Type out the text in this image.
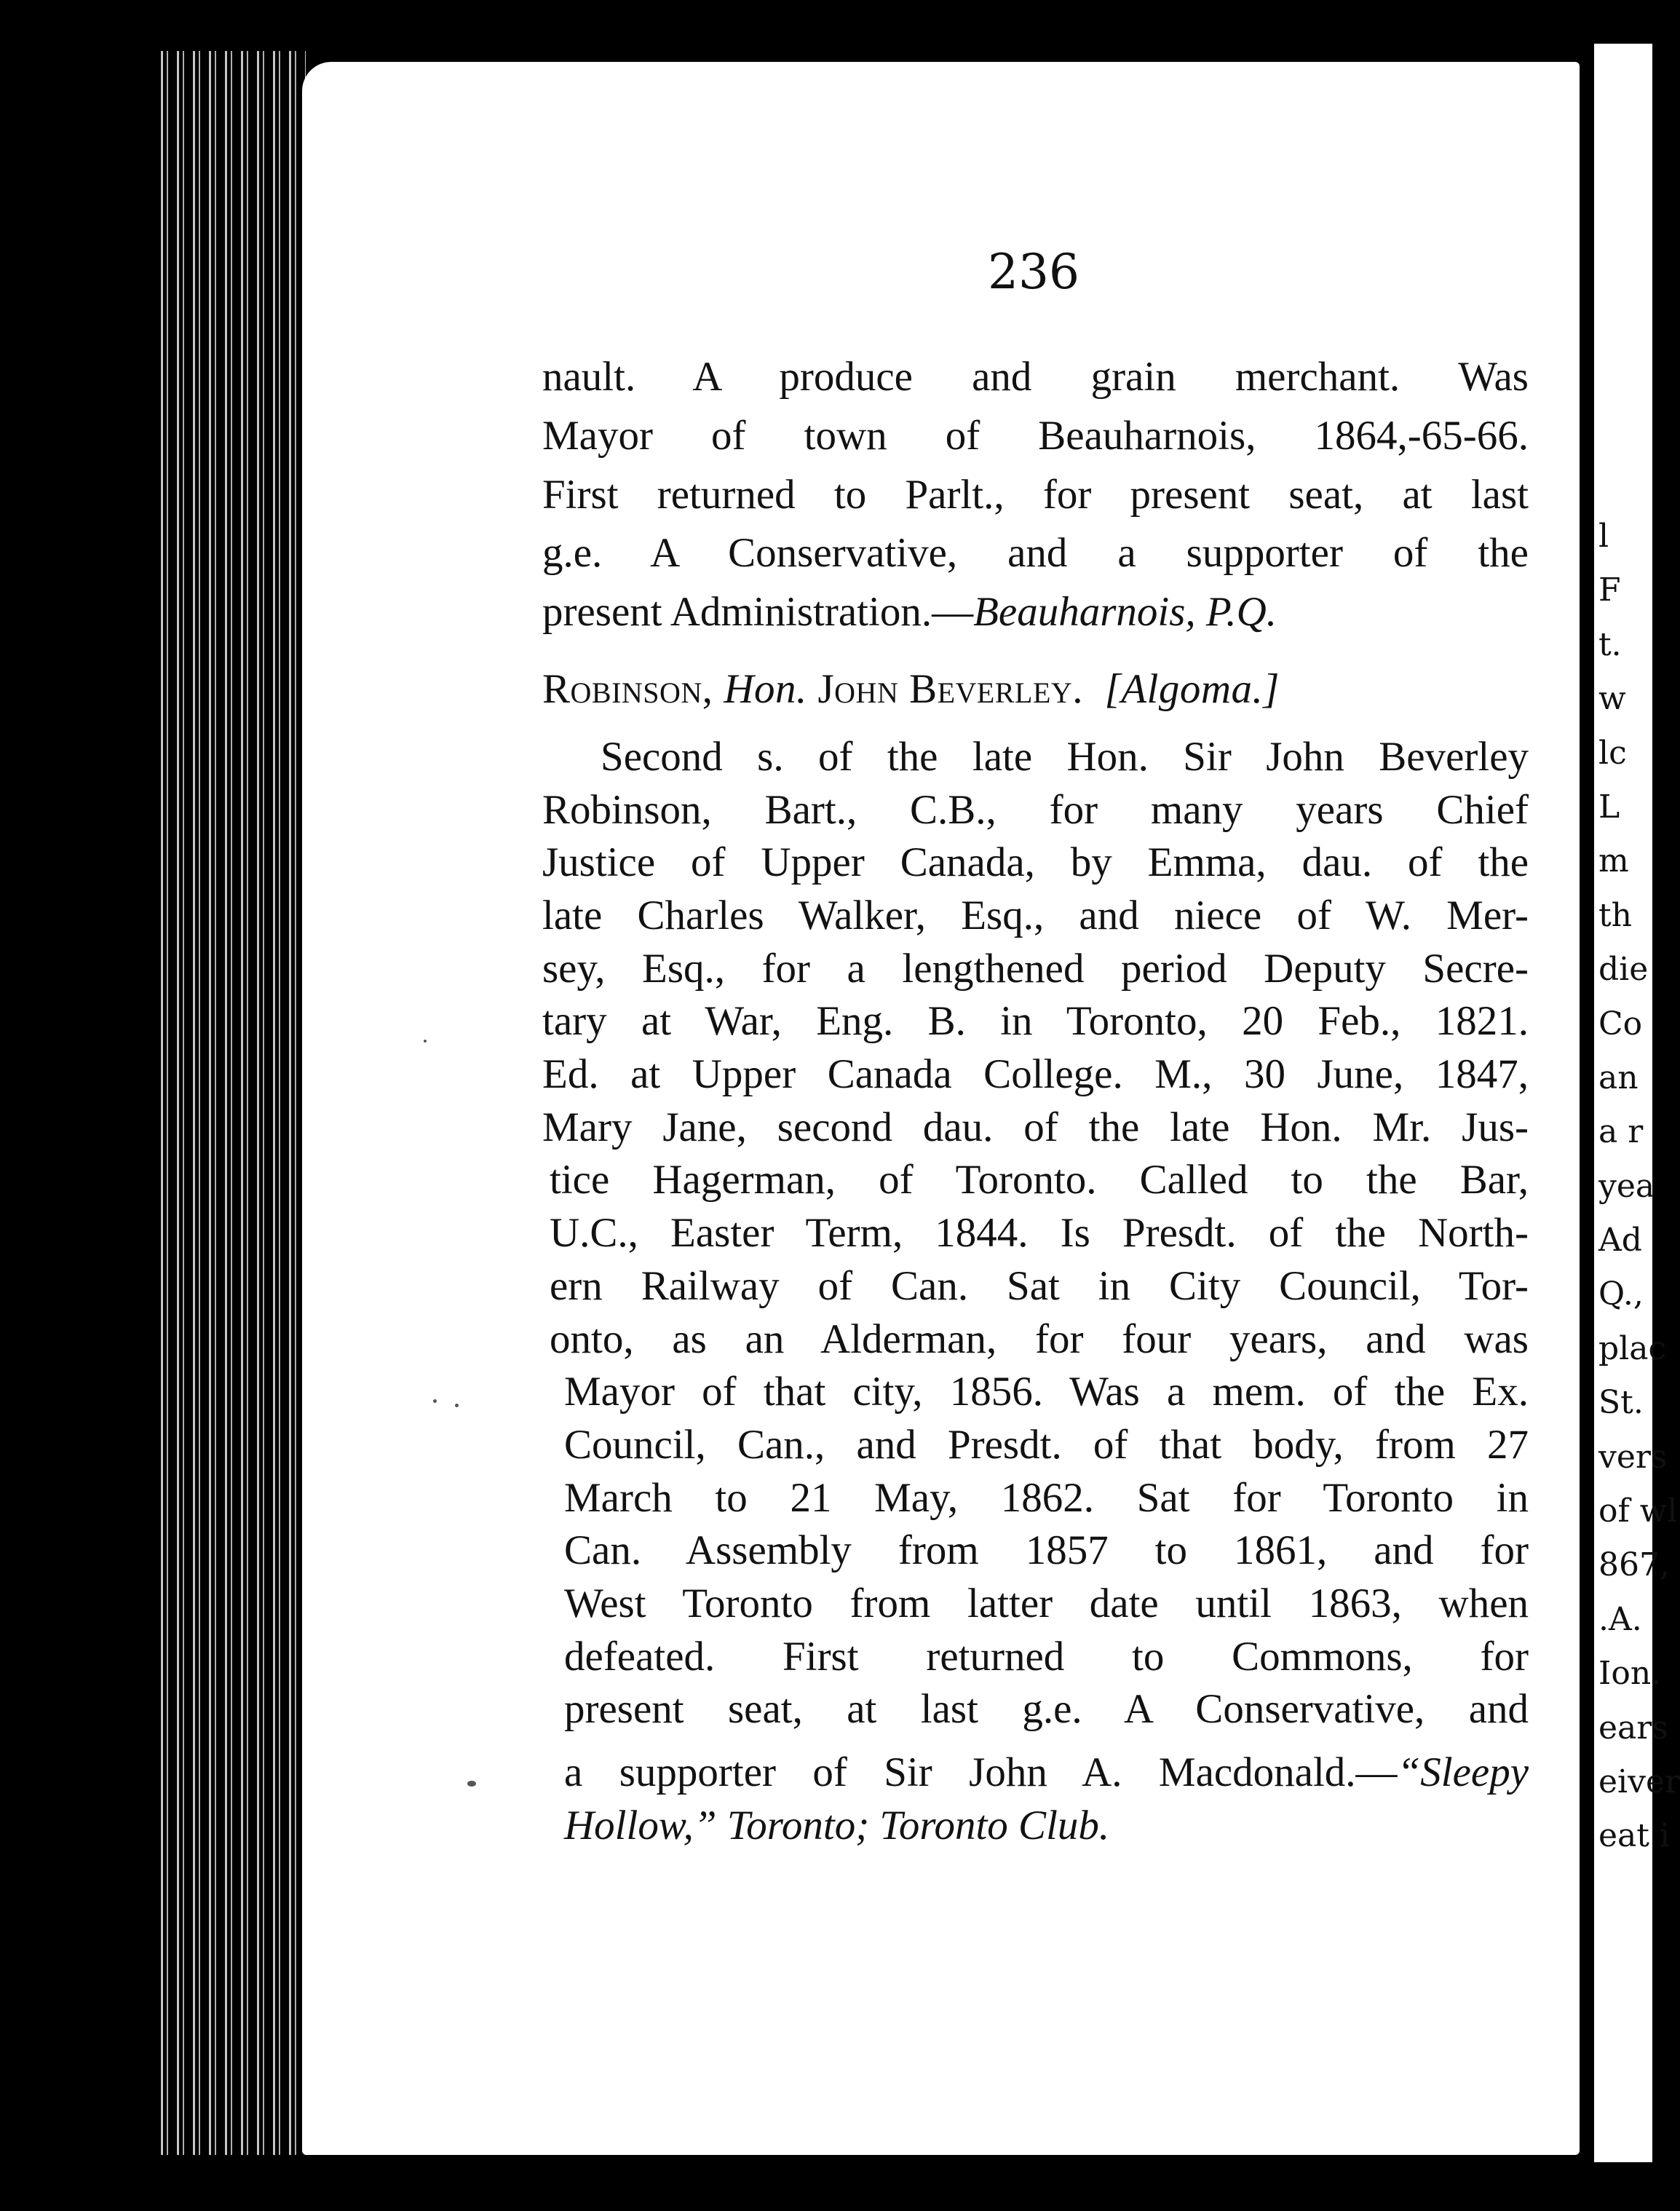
l
F
t.
w
lc
L
m
th
die
Co
an
a r
yea
Ad
Q.,
plac
St.
vers
of wl
867,
.A.
Ion.
ears
eiver
eat i
236
nault. A produce and grain merchant. Was
Mayor of town of Beauharnois, 1864,-65-66.
First returned to Parlt., for present seat, at last
g.e. A Conservative, and a supporter of the
present Administration.—Beauharnois, P.Q.
Robinson, Hon. John Beverley. [Algoma.]
Second s. of the late Hon. Sir John Beverley
Robinson, Bart., C.B., for many years Chief
Justice of Upper Canada, by Emma, dau. of the
late Charles Walker, Esq., and niece of W. Mer-
sey, Esq., for a lengthened period Deputy Secre-
tary at War, Eng. B. in Toronto, 20 Feb., 1821.
Ed. at Upper Canada College. M., 30 June, 1847,
Mary Jane, second dau. of the late Hon. Mr. Jus-
tice Hagerman, of Toronto. Called to the Bar,
U.C., Easter Term, 1844. Is Presdt. of the North-
ern Railway of Can. Sat in City Council, Tor-
onto, as an Alderman, for four years, and was
Mayor of that city, 1856. Was a mem. of the Ex.
Council, Can., and Presdt. of that body, from 27
March to 21 May, 1862. Sat for Toronto in
Can. Assembly from 1857 to 1861, and for
West Toronto from latter date until 1863, when
defeated. First returned to Commons, for
present seat, at last g.e. A Conservative, and
a supporter of Sir John A. Macdonald.—“Sleepy
Hollow,” Toronto; Toronto Club.
